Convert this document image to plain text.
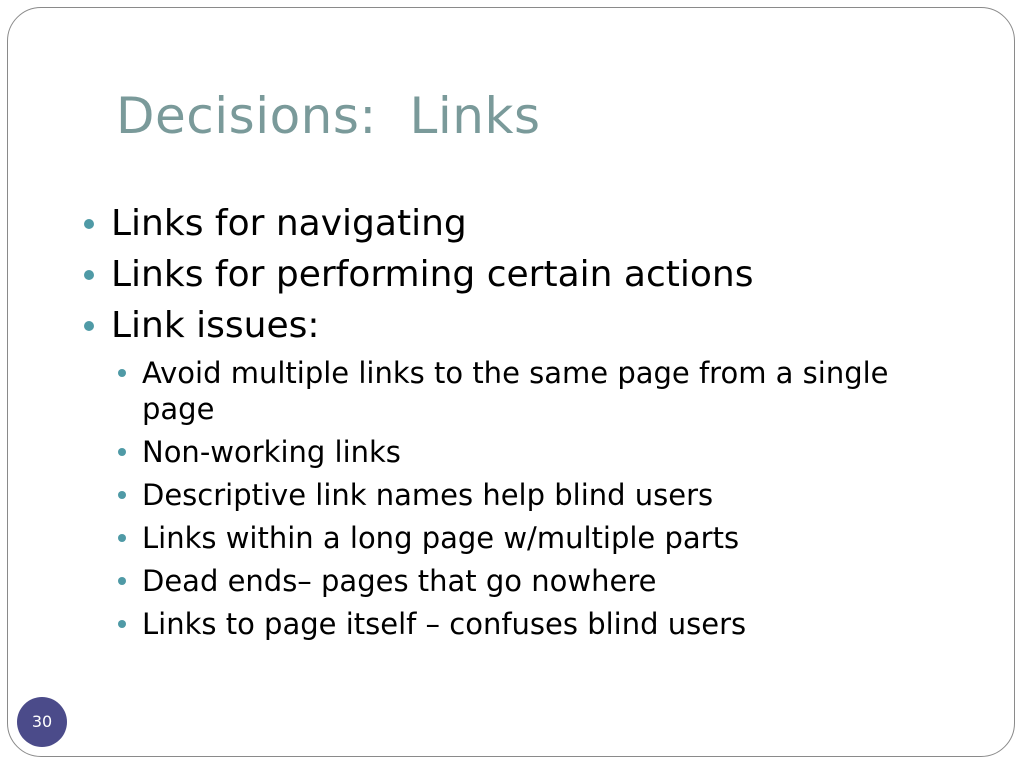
Decisions:  Links
Links for navigating
Links for performing certain actions
Link issues:
Avoid multiple links to the same page from a single page
Non-working links
Descriptive link names help blind users
Links within a long page w/multiple parts
Dead ends– pages that go nowhere
Links to page itself – confuses blind users
30
